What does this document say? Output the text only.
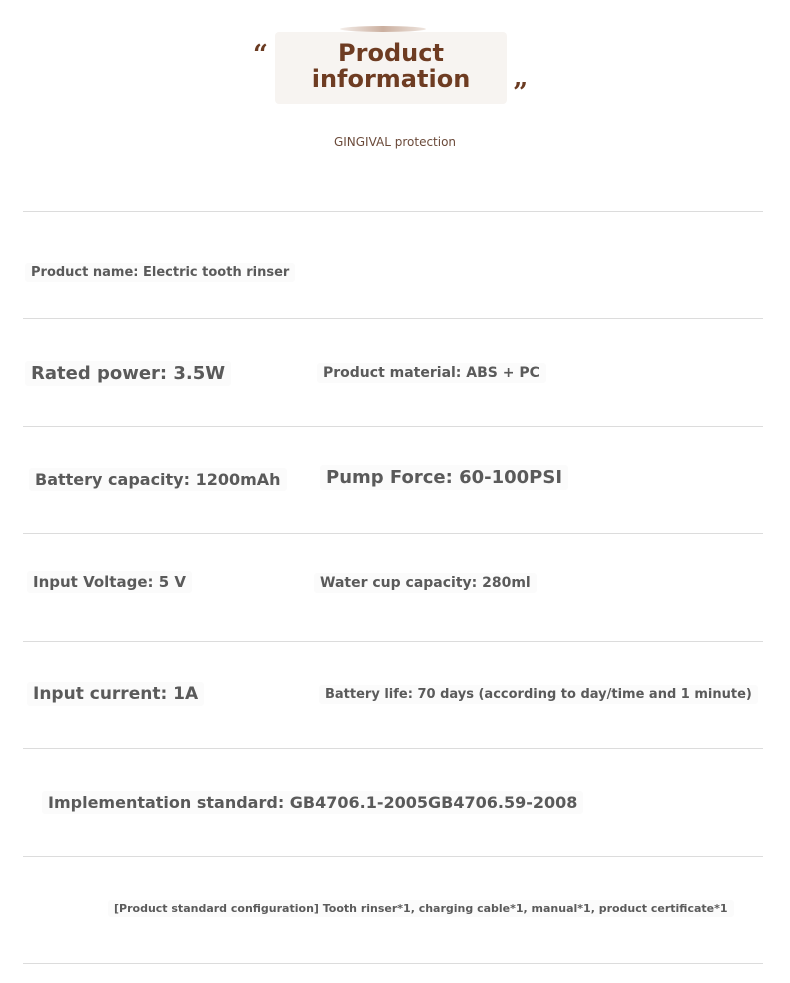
“	Product
information	”
GINGIVAL protection
Product name: Electric tooth rinser
Rated power: 3.5W	Product material: ABS + PC
Battery capacity: 1200mAh	Pump Force: 60-100PSI
Input Voltage: 5 V	Water cup capacity: 280ml
Input current: 1A	Battery life: 70 days (according to day/time and 1 minute)
Implementation standard: GB4706.1-2005GB4706.59-2008
[Product standard configuration] Tooth rinser*1, charging cable*1, manual*1, product certificate*1
